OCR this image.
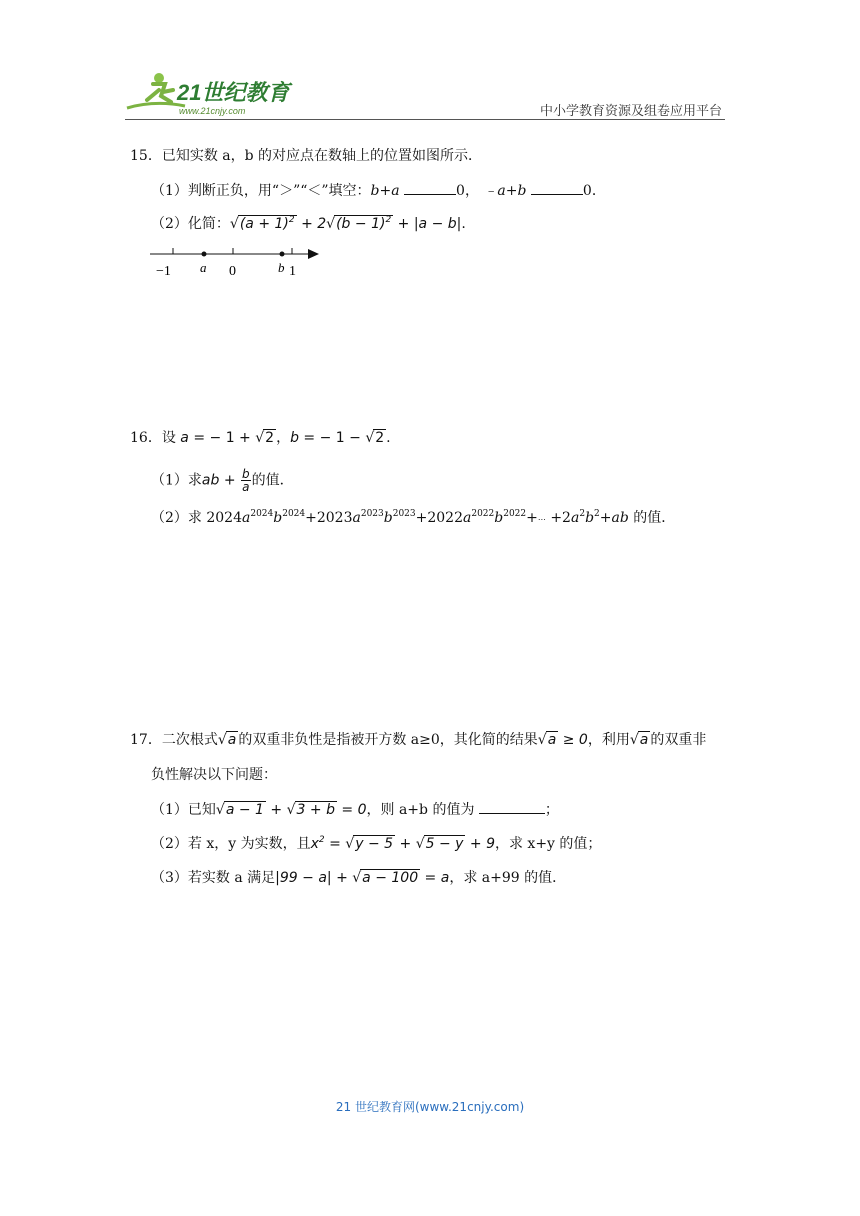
21世纪教育
www.21cnjy.com	中小学教育资源及组卷应用平台
15．已知实数 a，b 的对应点在数轴上的位置如图所示．
（1）判断正负，用“＞”“＜”填空：b+a	0， ﹣a+b	0．
（2）化简：$√(a + 1)^2 + 2√(b - 1)^2 + |a - b|$.
−1 a 0	b 1
16．设 a = − 1 + √2 ，b = − 1 − √2 .
（1）求ab + $\frac{b}{a}$ 的值．
（2）求 $2024a^{2024}b^{2024}+2023a^{2023}b^{2023}+2022a^{2022}b^{2022}+\cdots +2a^2b^2+ab$ 的值．
17．二次根式√a 的双重非负性是指被开方数 a≥0，其化简的结果√a ≥ 0，利用√a 的双重非
负性解决以下问题：
（1）已知√a − 1 + √3 + b = 0，则 a+b 的值为	；
（2）若 x，y 为实数，且$x^2 = √y - 5 + √5 - y + 9$，求 x+y 的值；
（3）若实数 a 满足|99 − a| + √a − 100 = a，求 a+99 的值．
21 世纪教育网(www.21cnjy.com)
